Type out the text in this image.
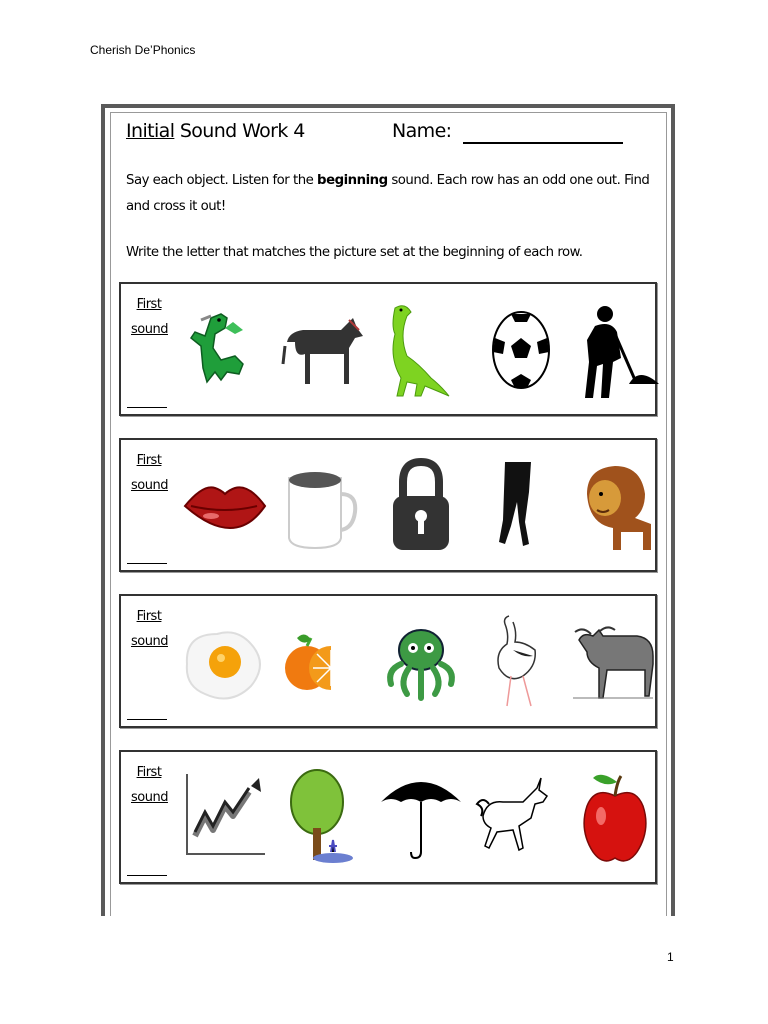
Cherish De’Phonics
Initial Sound Work 4	Name:
Say each object. Listen for the beginning sound. Each row has an odd one out. Find and cross it out!
Write the letter that matches the picture set at the beginning of each row.
First
sound
First
sound
First
sound
First
sound
1
